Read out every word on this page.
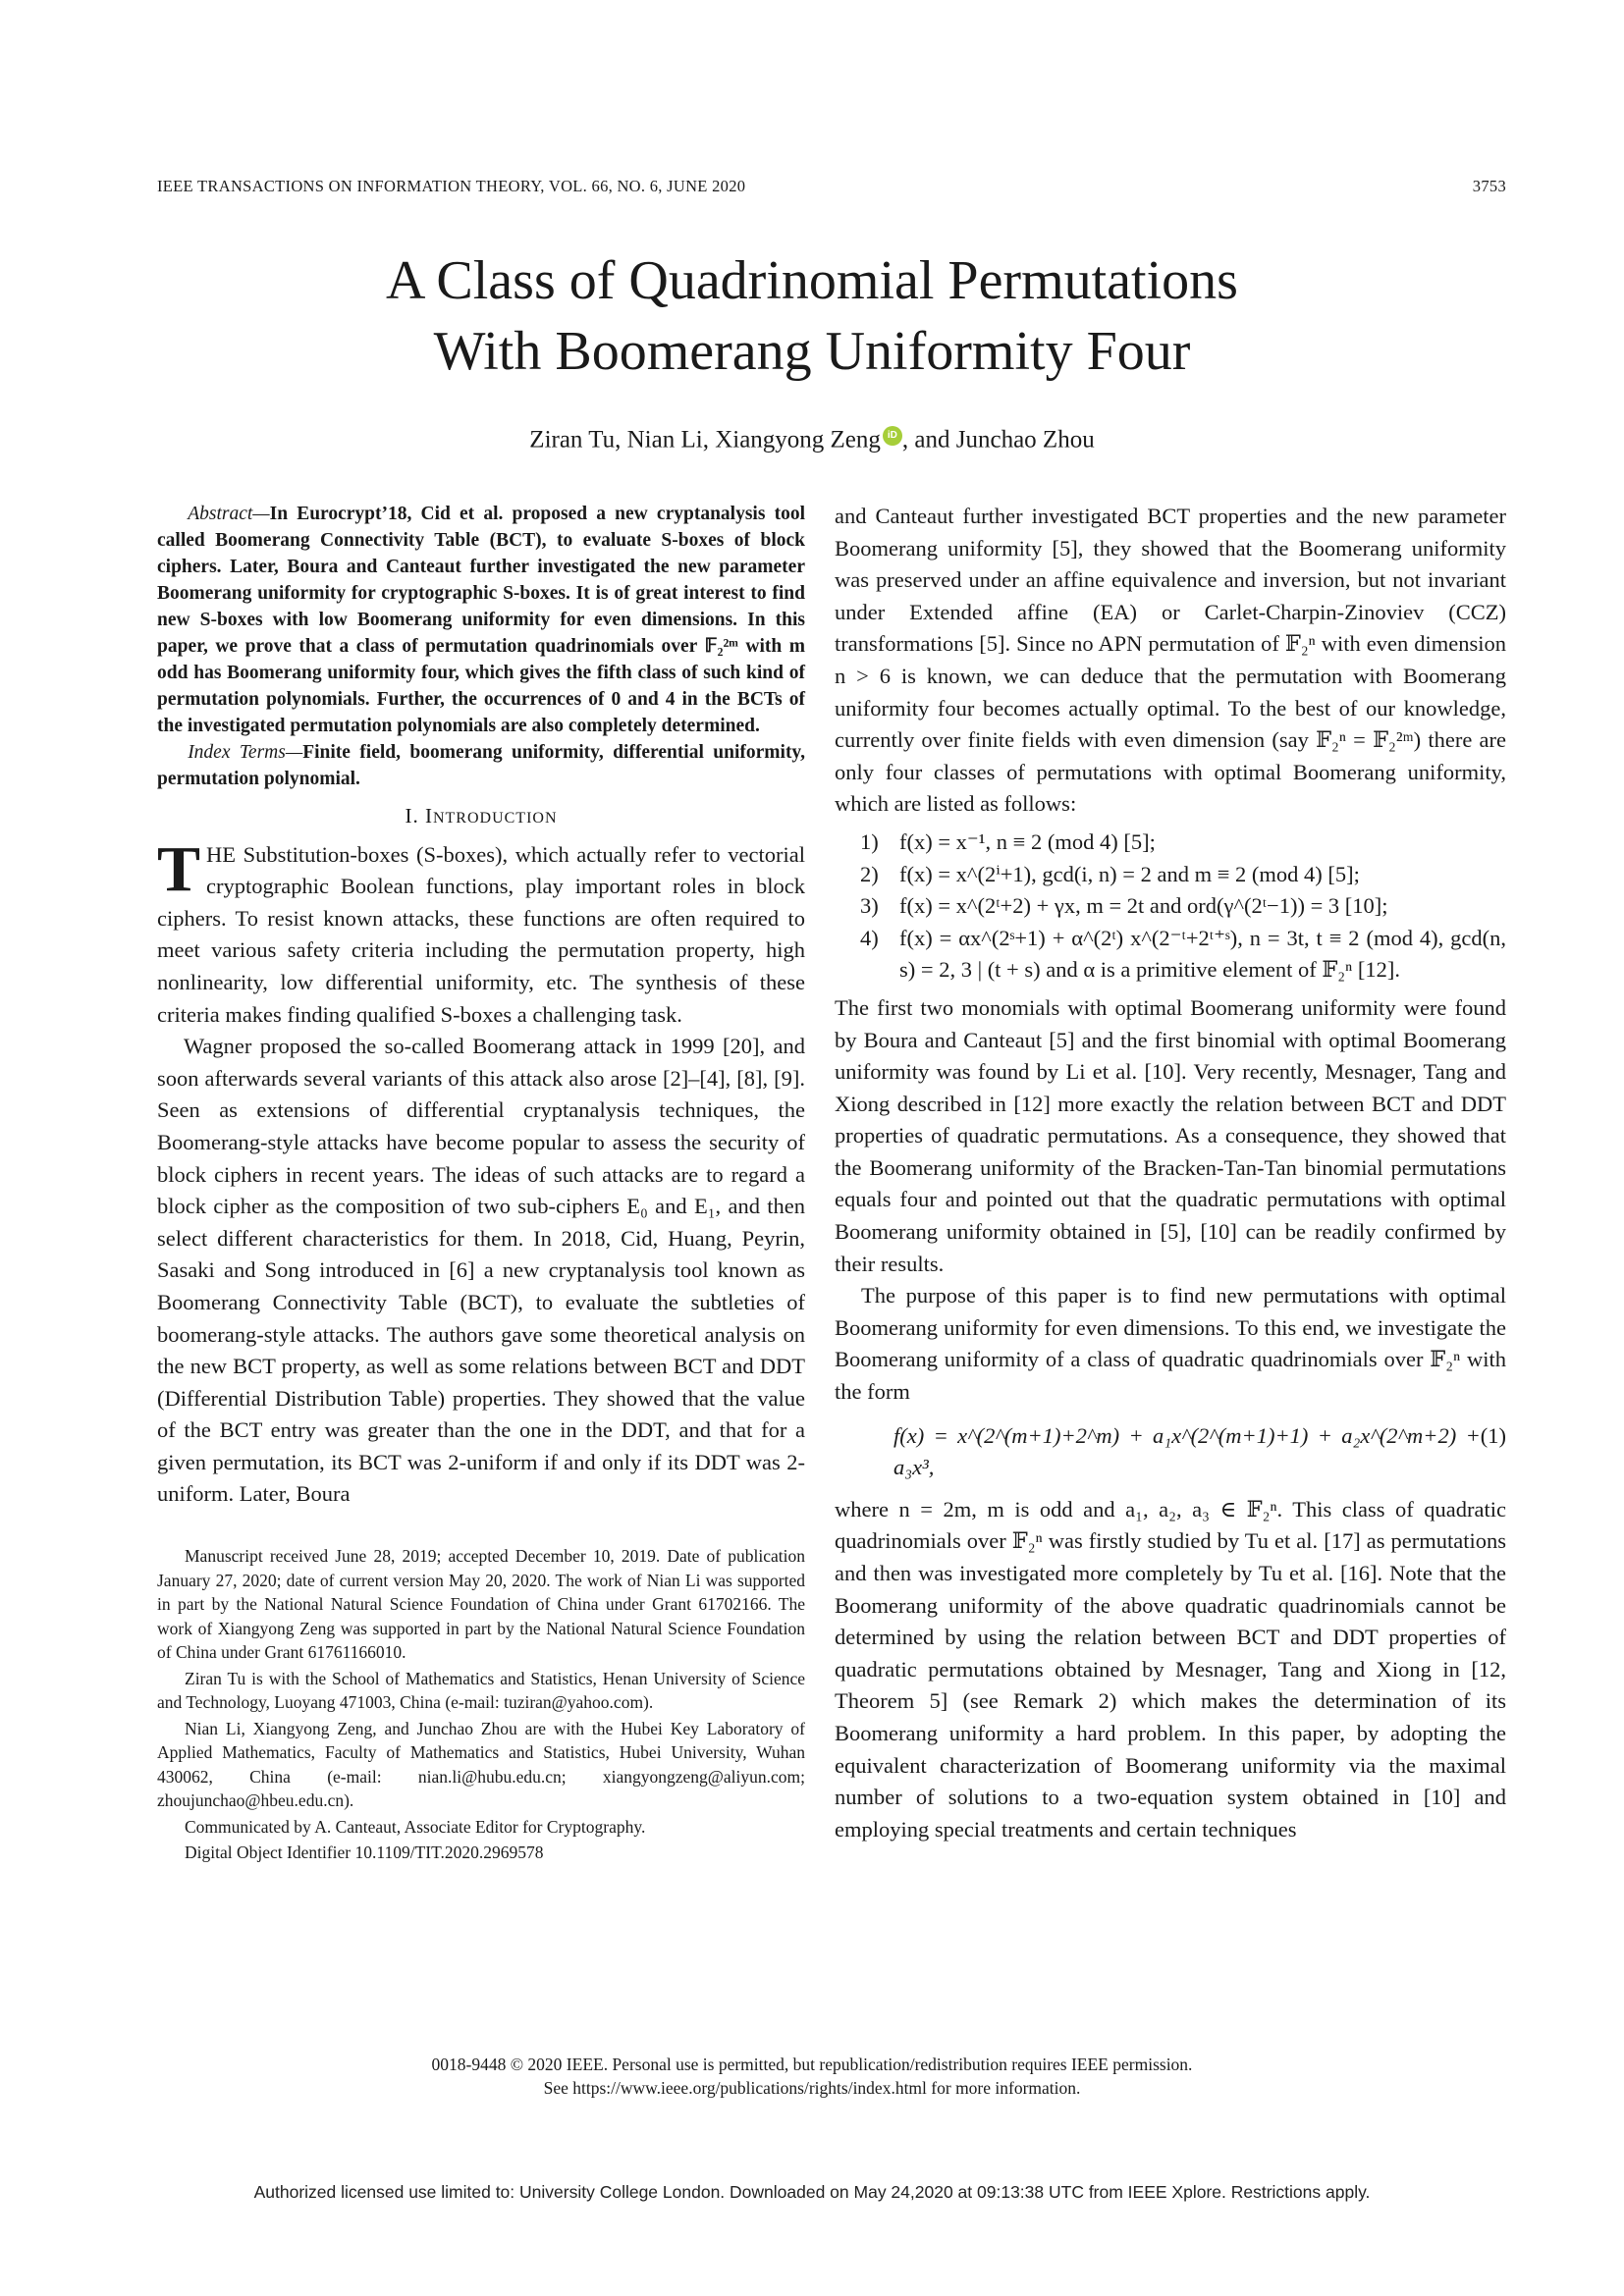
IEEE TRANSACTIONS ON INFORMATION THEORY, VOL. 66, NO. 6, JUNE 2020	3753
A Class of Quadrinomial Permutations
With Boomerang Uniformity Four
Ziran Tu, Nian Li, Xiangyong Zeng iD , and Junchao Zhou

Abstract—In Eurocrypt’18, Cid et al. proposed a new cryptanalysis tool called Boomerang Connectivity Table (BCT), to evaluate S-boxes of block ciphers. Later, Boura and Canteaut further investigated the new parameter Boomerang uniformity for cryptographic S-boxes. It is of great interest to find new S-boxes with low Boomerang uniformity for even dimensions. In this paper, we prove that a class of permutation quadrinomials over 𝔽₂²ᵐ with m odd has Boomerang uniformity four, which gives the fifth class of such kind of permutation polynomials. Further, the occurrences of 0 and 4 in the BCTs of the investigated permutation polynomials are also completely determined.

Index Terms—Finite field, boomerang uniformity, differential uniformity, permutation polynomial.

I. INTRODUCTION

THE Substitution-boxes (S-boxes), which actually refer to vectorial cryptographic Boolean functions, play important roles in block ciphers. To resist known attacks, these functions are often required to meet various safety criteria including the permutation property, high nonlinearity, low differential uniformity, etc. The synthesis of these criteria makes finding qualified S-boxes a challenging task.

Wagner proposed the so-called Boomerang attack in 1999 [20], and soon afterwards several variants of this attack also arose [2]–[4], [8], [9]. Seen as extensions of differential cryptanalysis techniques, the Boomerang-style attacks have become popular to assess the security of block ciphers in recent years. The ideas of such attacks are to regard a block cipher as the composition of two sub-ciphers E₀ and E₁, and then select different characteristics for them. In 2018, Cid, Huang, Peyrin, Sasaki and Song introduced in [6] a new cryptanalysis tool known as Boomerang Connectivity Table (BCT), to evaluate the subtleties of boomerang-style attacks. The authors gave some theoretical analysis on the new BCT property, as well as some relations between BCT and DDT (Differential Distribution Table) properties. They showed that the value of the BCT entry was greater than the one in the DDT, and that for a given permutation, its BCT was 2-uniform if and only if its DDT was 2-uniform. Later, Boura

Manuscript received June 28, 2019; accepted December 10, 2019. Date of publication January 27, 2020; date of current version May 20, 2020. The work of Nian Li was supported in part by the National Natural Science Foundation of China under Grant 61702166. The work of Xiangyong Zeng was supported in part by the National Natural Science Foundation of China under Grant 61761166010.

Ziran Tu is with the School of Mathematics and Statistics, Henan University of Science and Technology, Luoyang 471003, China (e-mail: tuziran@yahoo.com).

Nian Li, Xiangyong Zeng, and Junchao Zhou are with the Hubei Key Laboratory of Applied Mathematics, Faculty of Mathematics and Statistics, Hubei University, Wuhan 430062, China (e-mail: nian.li@hubu.edu.cn; xiangyongzeng@aliyun.com; zhoujunchao@hbeu.edu.cn).

Communicated by A. Canteaut, Associate Editor for Cryptography.

Digital Object Identifier 10.1109/TIT.2020.2969578

and Canteaut further investigated BCT properties and the new parameter Boomerang uniformity [5], they showed that the Boomerang uniformity was preserved under an affine equivalence and inversion, but not invariant under Extended affine (EA) or Carlet-Charpin-Zinoviev (CCZ) transformations [5]. Since no APN permutation of 𝔽₂ⁿ with even dimension n > 6 is known, we can deduce that the permutation with Boomerang uniformity four becomes actually optimal. To the best of our knowledge, currently over finite fields with even dimension (say 𝔽₂ⁿ = 𝔽₂²ᵐ) there are only four classes of permutations with optimal Boomerang uniformity, which are listed as follows:

1) f(x) = x⁻¹, n ≡ 2 (mod 4) [5];
2) f(x) = x^(2ⁱ+1), gcd(i, n) = 2 and m ≡ 2 (mod 4) [5];
3) f(x) = x^(2ᵗ+2) + γx, m = 2t and ord(γ^(2ᵗ−1)) = 3 [10];
4) f(x) = αx^(2ˢ+1) + α^(2ᵗ) x^(2⁻ᵗ+2ᵗ⁺ˢ), n = 3t, t ≡ 2 (mod 4), gcd(n, s) = 2, 3 | (t + s) and α is a primitive element of 𝔽₂ⁿ [12].

The first two monomials with optimal Boomerang uniformity were found by Boura and Canteaut [5] and the first binomial with optimal Boomerang uniformity was found by Li et al. [10]. Very recently, Mesnager, Tang and Xiong described in [12] more exactly the relation between BCT and DDT properties of quadratic permutations. As a consequence, they showed that the Boomerang uniformity of the Bracken-Tan-Tan binomial permutations equals four and pointed out that the quadratic permutations with optimal Boomerang uniformity obtained in [5], [10] can be readily confirmed by their results.

The purpose of this paper is to find new permutations with optimal Boomerang uniformity for even dimensions. To this end, we investigate the Boomerang uniformity of a class of quadratic quadrinomials over 𝔽₂ⁿ with the form

f(x) = x^(2^(m+1)+2^m) + a₁x^(2^(m+1)+1) + a₂x^(2^m+2) + a₃x³,
(1)

where n = 2m, m is odd and a₁, a₂, a₃ ∈ 𝔽₂ⁿ. This class of quadratic quadrinomials over 𝔽₂ⁿ was firstly studied by Tu et al. [17] as permutations and then was investigated more completely by Tu et al. [16]. Note that the Boomerang uniformity of the above quadratic quadrinomials cannot be determined by using the relation between BCT and DDT properties of quadratic permutations obtained by Mesnager, Tang and Xiong in [12, Theorem 5] (see Remark 2) which makes the determination of its Boomerang uniformity a hard problem. In this paper, by adopting the equivalent characterization of Boomerang uniformity via the maximal number of solutions to a two-equation system obtained in [10] and employing special treatments and certain techniques

0018-9448 © 2020 IEEE. Personal use is permitted, but republication/redistribution requires IEEE permission.
See https://www.ieee.org/publications/rights/index.html for more information.
Authorized licensed use limited to: University College London. Downloaded on May 24,2020 at 09:13:38 UTC from IEEE Xplore. Restrictions apply.
